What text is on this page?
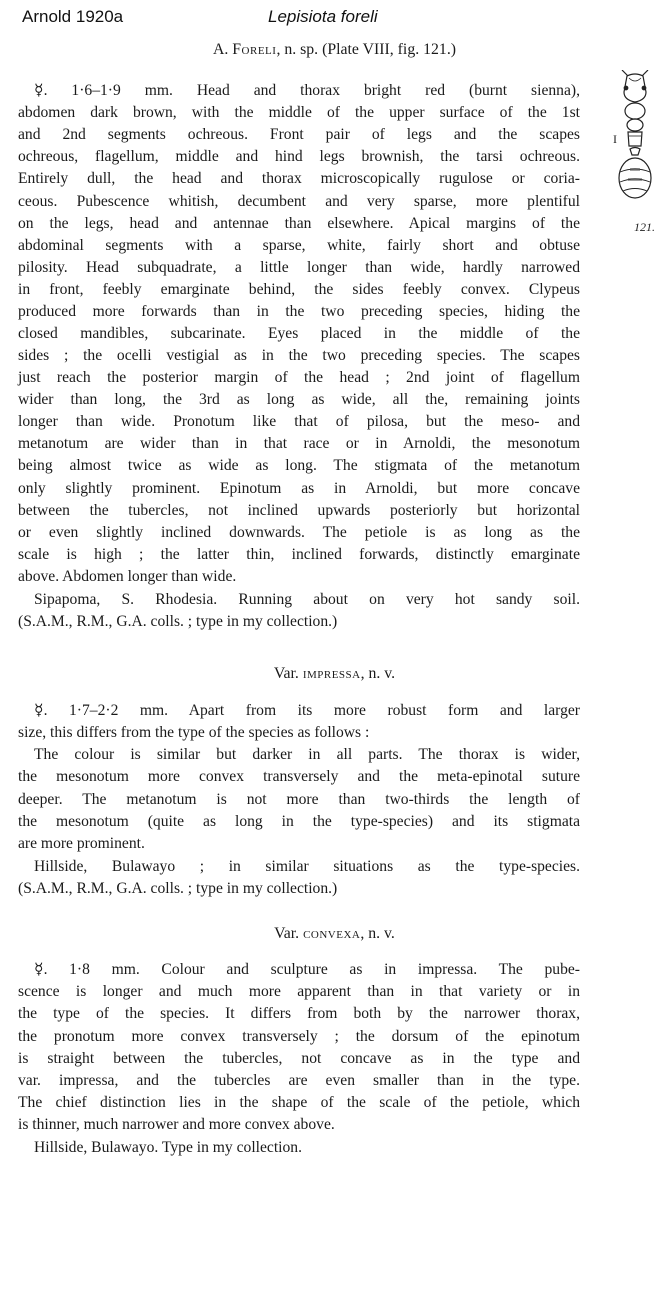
Arnold 1920a	Lepisiota foreli
A. Foreli, n. sp. (Plate VIII, fig. 121.)
☿. 1·6–1·9 mm. Head and thorax bright red (burnt sienna),
abdomen dark brown, with the middle of the upper surface of the 1st
and 2nd segments ochreous. Front pair of legs and the scapes
ochreous, flagellum, middle and hind legs brownish, the tarsi ochreous.
Entirely dull, the head and thorax microscopically rugulose or coria-
ceous. Pubescence whitish, decumbent and very sparse, more plentiful
on the legs, head and antennae than elsewhere. Apical margins of the
abdominal segments with a sparse, white, fairly short and obtuse
pilosity. Head subquadrate, a little longer than wide, hardly narrowed
in front, feebly emarginate behind, the sides feebly convex. Clypeus
produced more forwards than in the two preceding species, hiding the
closed mandibles, subcarinate. Eyes placed in the middle of the
sides ; the ocelli vestigial as in the two preceding species. The scapes
just reach the posterior margin of the head ; 2nd joint of flagellum
wider than long, the 3rd as long as wide, all the, remaining joints
longer than wide. Pronotum like that of pilosa, but the meso- and
metanotum are wider than in that race or in Arnoldi, the mesonotum
being almost twice as wide as long. The stigmata of the metanotum
only slightly prominent. Epinotum as in Arnoldi, but more concave
between the tubercles, not inclined upwards posteriorly but horizontal
or even slightly inclined downwards. The petiole is as long as the
scale is high ; the latter thin, inclined forwards, distinctly emarginate
above. Abdomen longer than wide.
Sipapoma, S. Rhodesia. Running about on very hot sandy soil.
(S.A.M., R.M., G.A. colls. ; type in my collection.)
Var. impressa, n. v.
☿. 1·7–2·2 mm. Apart from its more robust form and larger
size, this differs from the type of the species as follows :
The colour is similar but darker in all parts. The thorax is wider,
the mesonotum more convex transversely and the meta-epinotal suture
deeper. The metanotum is not more than two-thirds the length of
the mesonotum (quite as long in the type-species) and its stigmata
are more prominent.
Hillside, Bulawayo ; in similar situations as the type-species.
(S.A.M., R.M., G.A. colls. ; type in my collection.)
Var. convexa, n. v.
☿. 1·8 mm. Colour and sculpture as in impressa. The pube-
scence is longer and much more apparent than in that variety or in
the type of the species. It differs from both by the narrower thorax,
the pronotum more convex transversely ; the dorsum of the epinotum
is straight between the tubercles, not concave as in the type and
var. impressa, and the tubercles are even smaller than in the type.
The chief distinction lies in the shape of the scale of the petiole, which
is thinner, much narrower and more convex above.
Hillside, Bulawayo. Type in my collection.
I
121.
